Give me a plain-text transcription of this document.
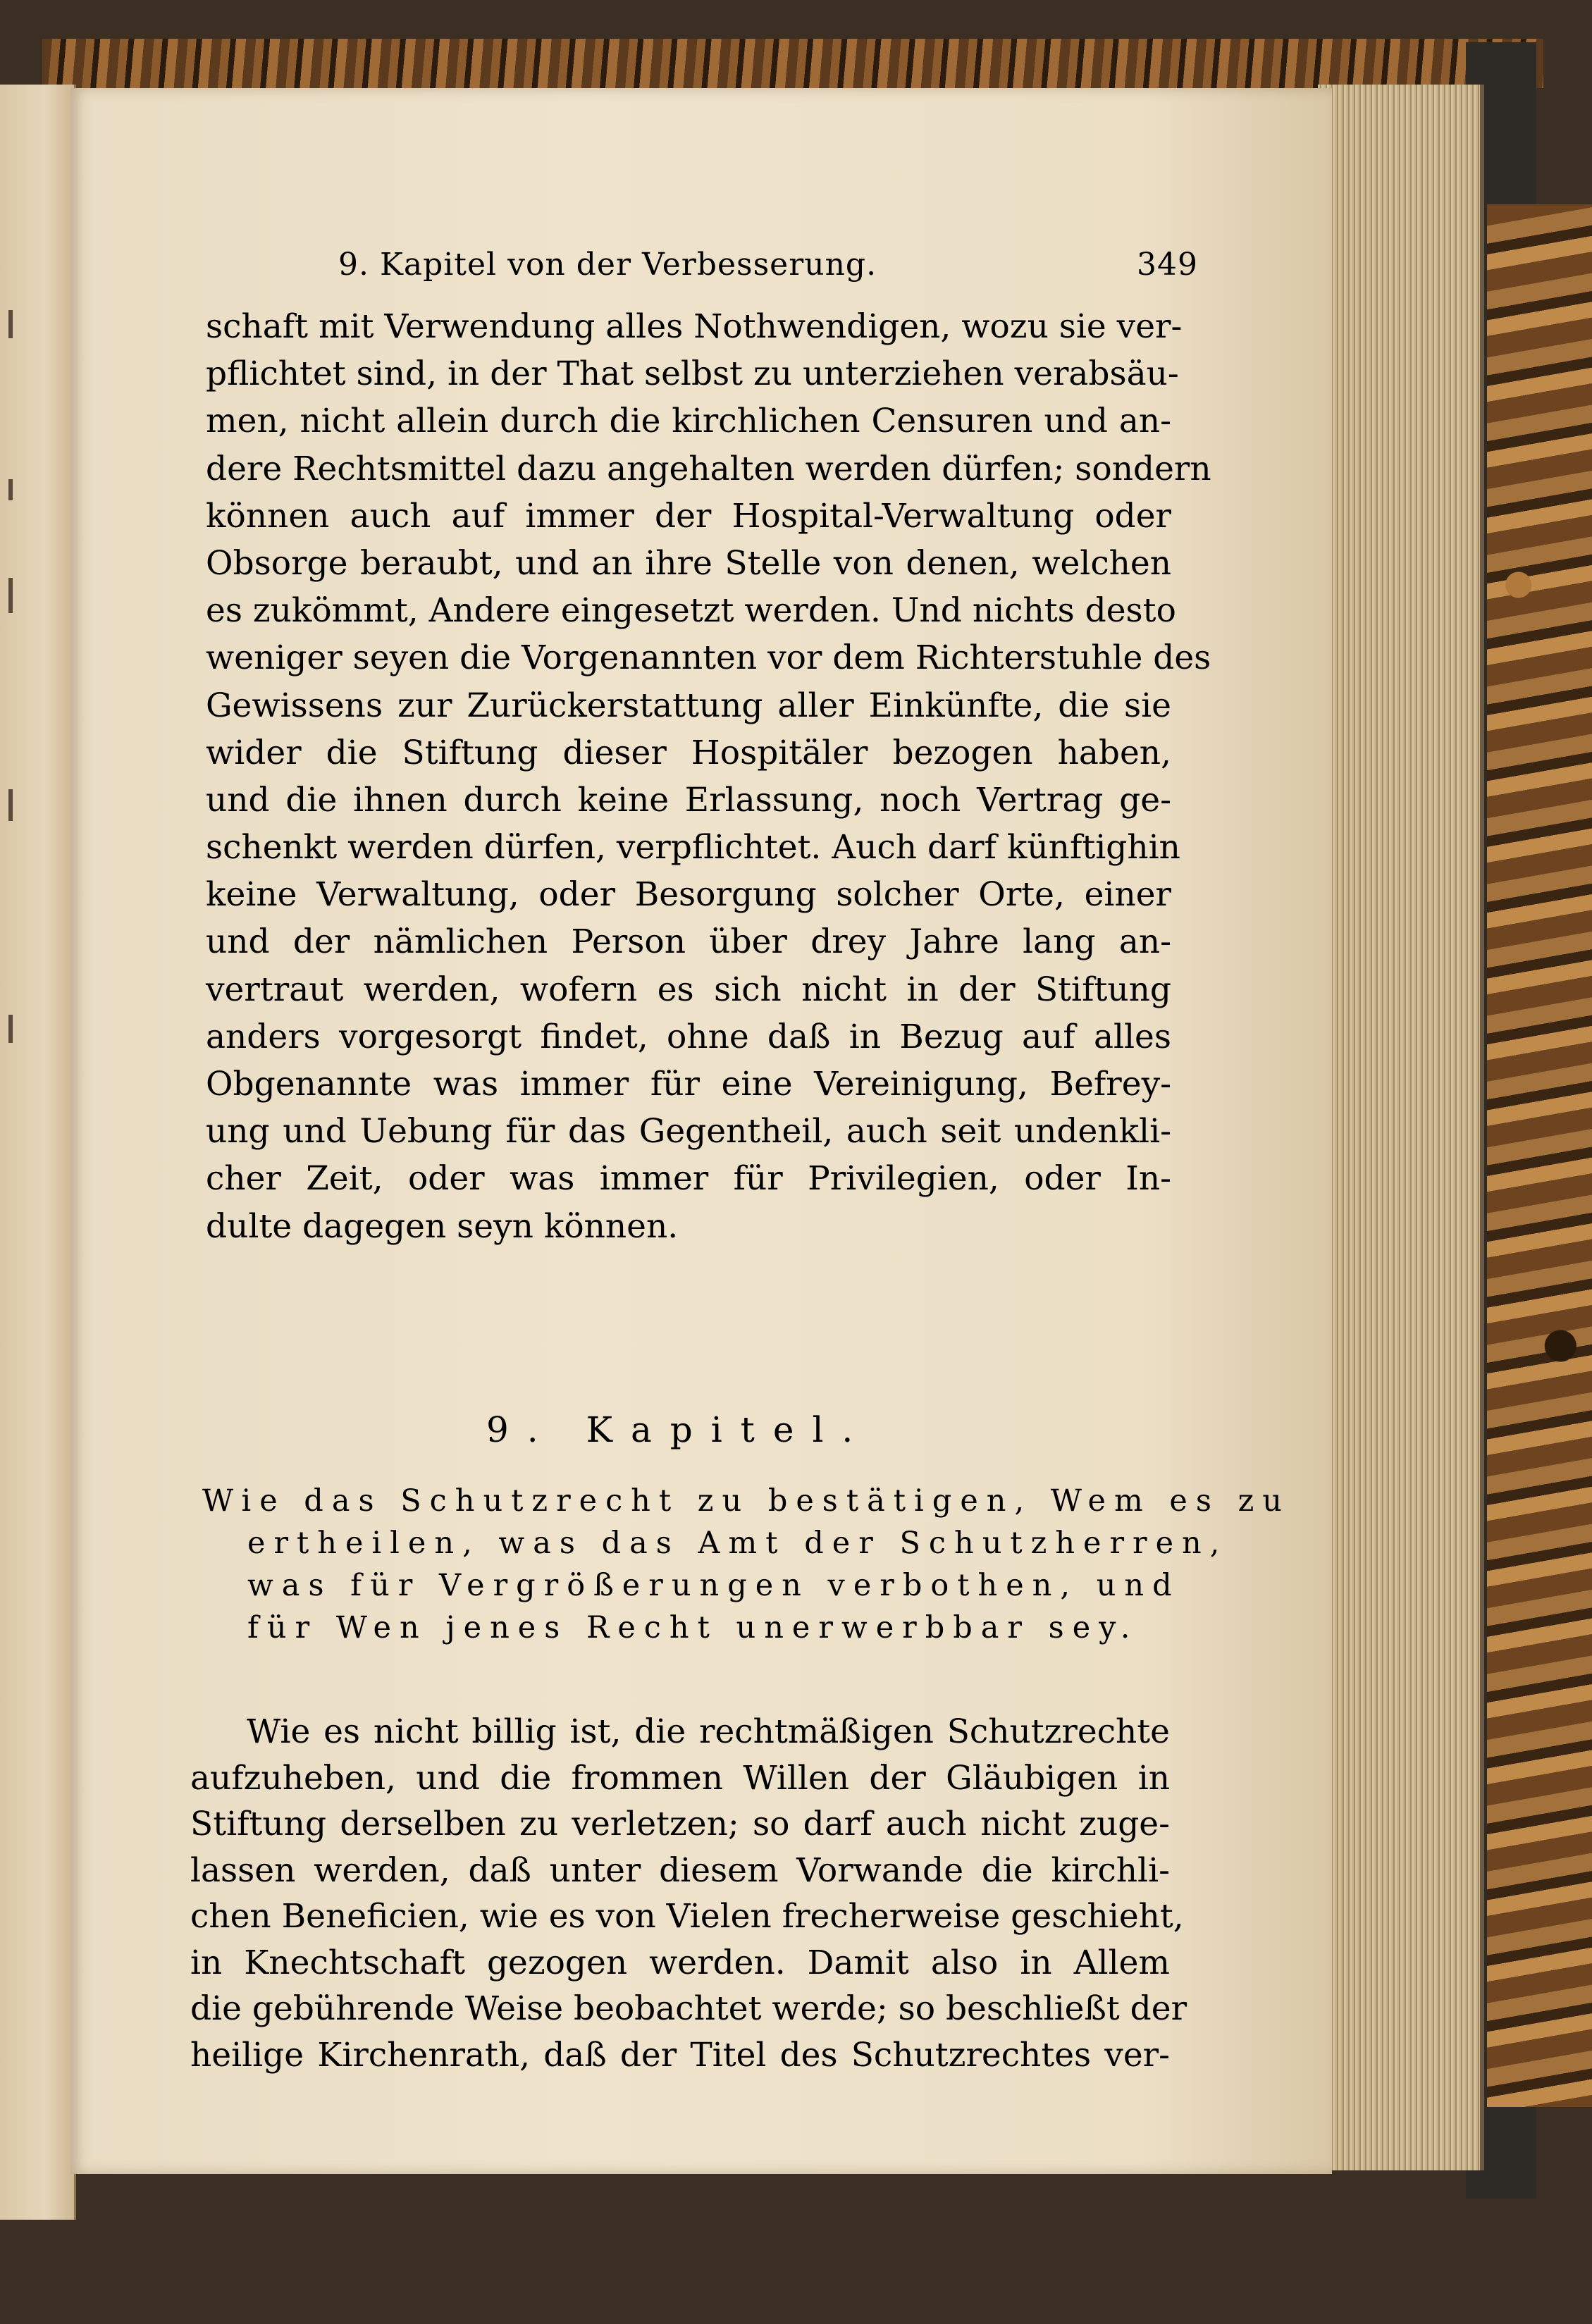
9. Kapitel von der Verbesserung.	349
schaft mit Verwendung alles Nothwendigen, wozu sie ver-
pflichtet sind, in der That selbst zu unterziehen verabsäu-
men, nicht allein durch die kirchlichen Censuren und an-
dere Rechtsmittel dazu angehalten werden dürfen; sondern
können auch auf immer der Hospital-Verwaltung oder
Obsorge beraubt, und an ihre Stelle von denen, welchen
es zukömmt, Andere eingesetzt werden. Und nichts desto
weniger seyen die Vorgenannten vor dem Richterstuhle des
Gewissens zur Zurückerstattung aller Einkünfte, die sie
wider die Stiftung dieser Hospitäler bezogen haben,
und die ihnen durch keine Erlassung, noch Vertrag ge-
schenkt werden dürfen, verpflichtet. Auch darf künftighin
keine Verwaltung, oder Besorgung solcher Orte, einer
und der nämlichen Person über drey Jahre lang an-
vertraut werden, wofern es sich nicht in der Stiftung
anders vorgesorgt findet, ohne daß in Bezug auf alles
Obgenannte was immer für eine Vereinigung, Befrey-
ung und Uebung für das Gegentheil, auch seit undenkli-
cher Zeit, oder was immer für Privilegien, oder In-
dulte dagegen seyn können.
9. Kapitel.
Wie das Schutzrecht zu bestätigen, Wem es zu
ertheilen, was das Amt der Schutzherren,
was für Vergrößerungen verbothen, und
für Wen jenes Recht unerwerbbar sey.
Wie es nicht billig ist, die rechtmäßigen Schutzrechte
aufzuheben, und die frommen Willen der Gläubigen in
Stiftung derselben zu verletzen; so darf auch nicht zuge-
lassen werden, daß unter diesem Vorwande die kirchli-
chen Beneficien, wie es von Vielen frecherweise geschieht,
in Knechtschaft gezogen werden. Damit also in Allem
die gebührende Weise beobachtet werde; so beschließt der
heilige Kirchenrath, daß der Titel des Schutzrechtes ver-
